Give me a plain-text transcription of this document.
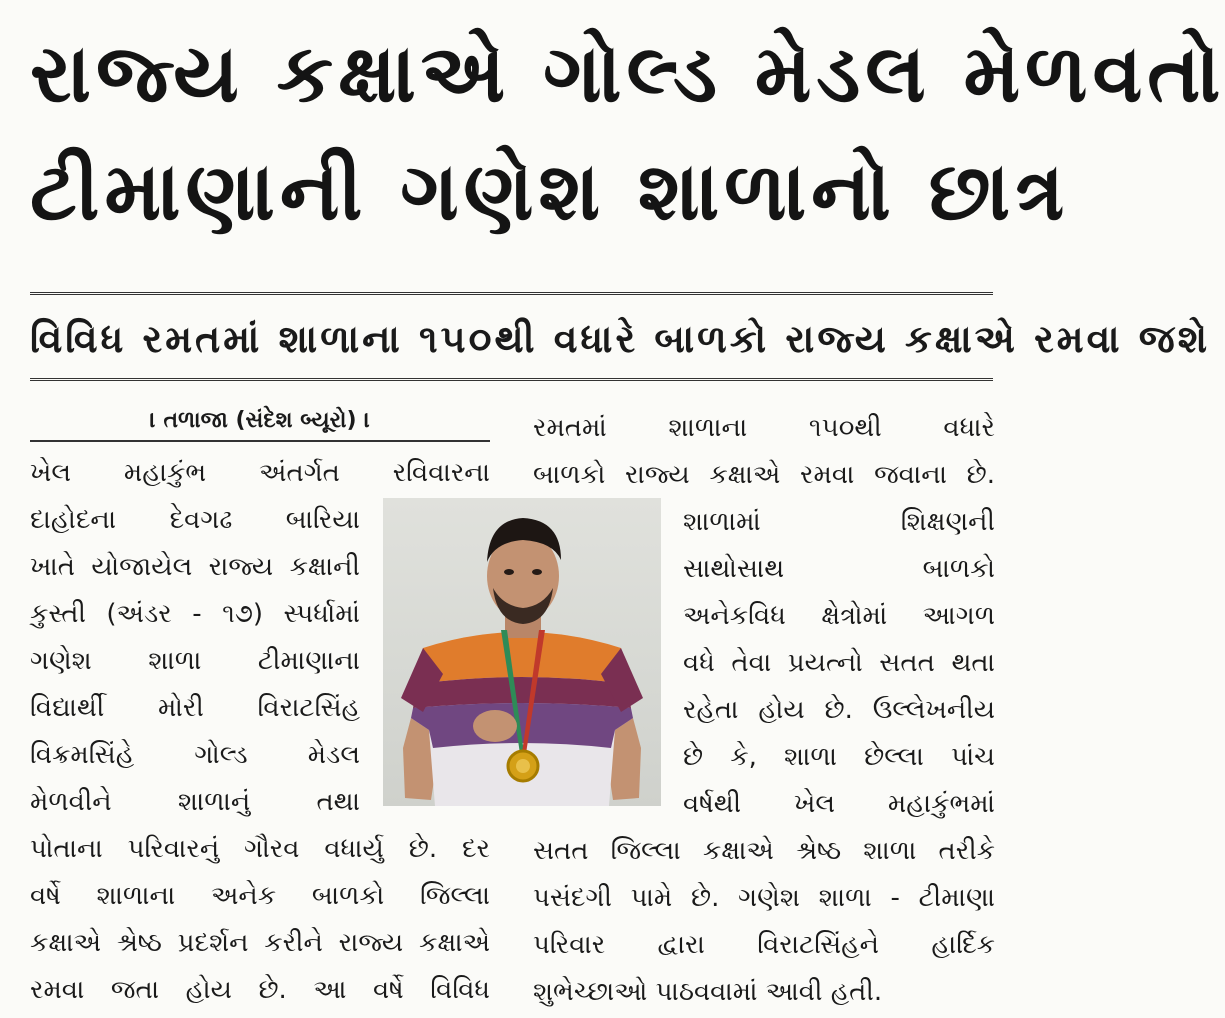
રાજ્ય કક્ષાએ ગોલ્ડ મેડલ મેળવતો
ટીમાણાની ગણેશ શાળાનો છાત્ર
વિવિધ રમતમાં શાળાના ૧૫૦થી વધારે બાળકો રાજ્ય કક્ષાએ રમવા જશે
। તળાજા (સંદેશ બ્યૂરો) ।
ખેલ મહાકુંભ અંતર્ગત રવિવારના
દાહોદના દેવગઢ બારિયા
ખાતે યોજાયેલ રાજ્ય કક્ષાની
કુસ્તી (અંડર - ૧૭) સ્પર્ધામાં
ગણેશ શાળા ટીમાણાના
વિદ્યાર્થી મોરી વિરાટસિંહ
વિક્રમસિંહે ગોલ્ડ મેડલ
મેળવીને શાળાનું તથા
પોતાના પરિવારનું ગૌરવ વધાર્યુ છે. દર
વર્ષે શાળાના અનેક બાળકો જિલ્લા
કક્ષાએ શ્રેષ્ઠ પ્રદર્શન કરીને રાજ્ય કક્ષાએ
રમવા જતા હોય છે. આ વર્ષે વિવિધ
રમતમાં શાળાના ૧૫૦થી વધારે
બાળકો રાજ્ય કક્ષાએ રમવા જવાના છે.
શાળામાં શિક્ષણની
સાથોસાથ બાળકો
અનેકવિધ ક્ષેત્રોમાં આગળ
વધે તેવા પ્રયત્નો સતત થતા
રહેતા હોય છે. ઉલ્લેખનીય
છે કે, શાળા છેલ્લા પાંચ
વર્ષથી ખેલ મહાકુંભમાં
સતત જિલ્લા કક્ષાએ શ્રેષ્ઠ શાળા તરીકે
પસંદગી પામે છે. ગણેશ શાળા - ટીમાણા
પરિવાર દ્વારા વિરાટસિંહને હાર્દિક
શુભેચ્છાઓ પાઠવવામાં આવી હતી.
